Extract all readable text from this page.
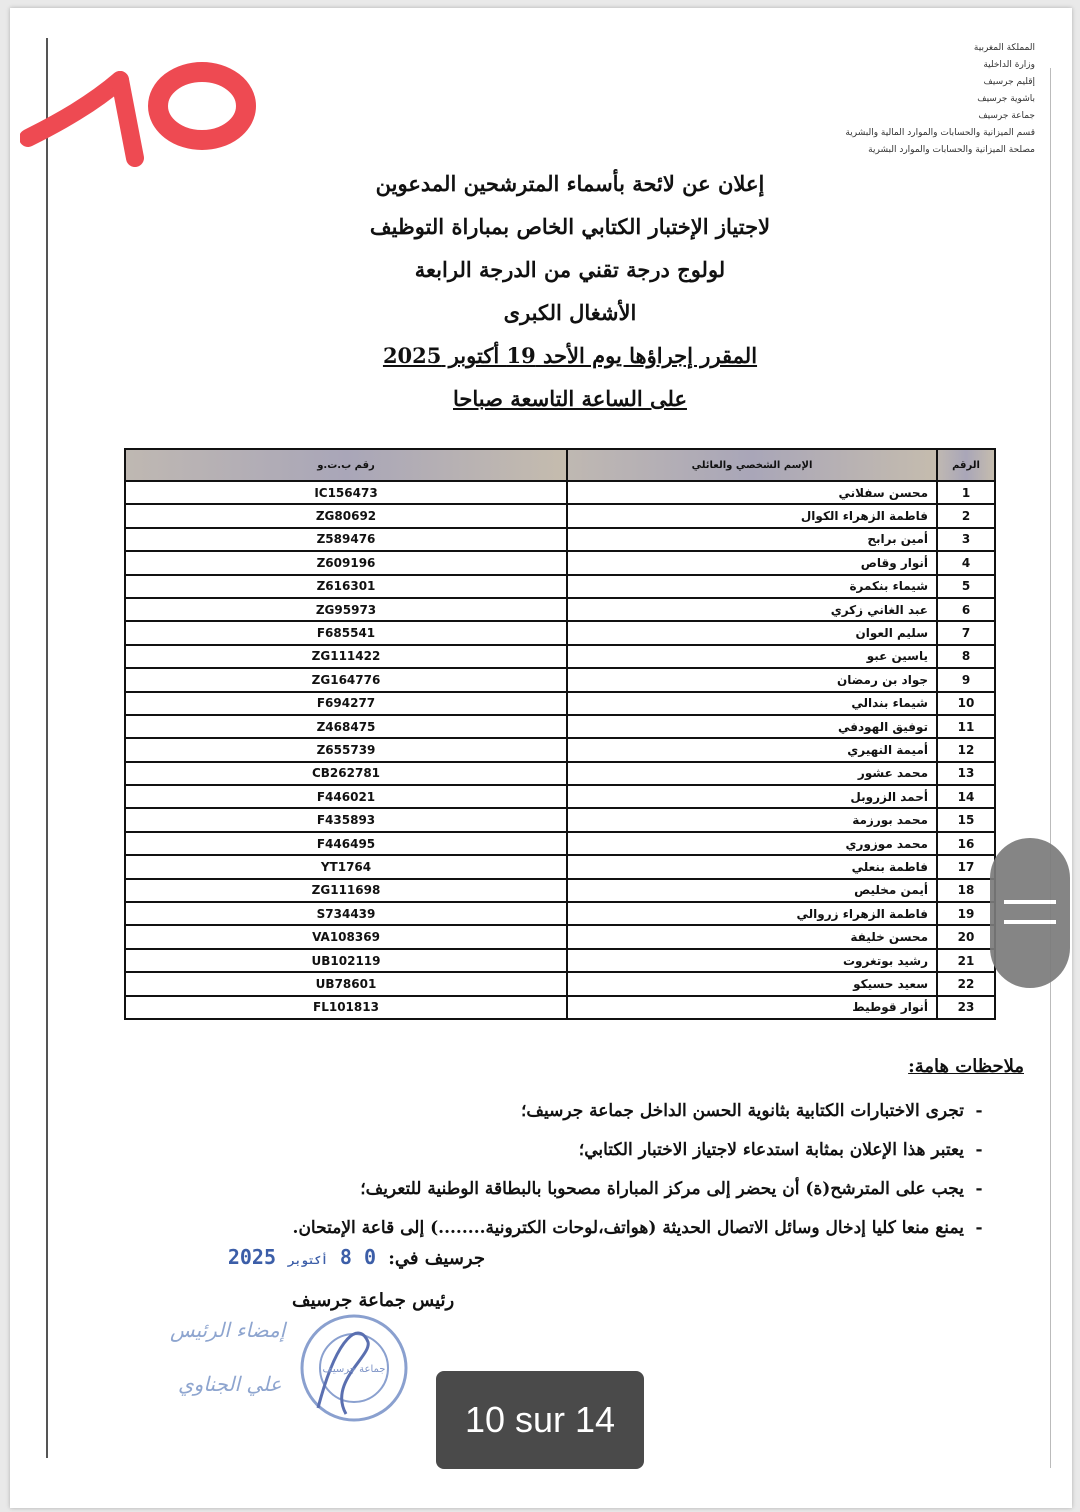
المملكة المغربية
وزارة الداخلية
إقليم جرسيف
باشوية جرسيف
جماعة جرسيف
قسم الميزانية والحسابات والموارد المالية والبشرية
مصلحة الميزانية والحسابات والموارد البشرية
إعلان عن لائحة بأسماء المترشحين المدعوين
لاجتياز الإختبار الكتابي الخاص بمباراة التوظيف
لولوج درجة تقني من الدرجة الرابعة
الأشغال الكبرى
المقرر إجراؤها يوم الأحد 19 أكتوبر 2025
على الساعة التاسعة صباحا
الرقم	الإسم الشخصي والعائلي	رقم ب.ت.و
1	محسن سفلاني	IC156473
2	فاطمة الزهراء الكوال	ZG80692
3	أمين برابح	Z589476
4	أنوار وقاص	Z609196
5	شيماء بنكمرة	Z616301
6	عبد الغاني زكري	ZG95973
7	سليم العوان	F685541
8	ياسين عبو	ZG111422
9	جواد بن رمضان	ZG164776
10	شيماء بندالي	F694277
11	توفيق الهودفي	Z468475
12	أميمة النهيري	Z655739
13	محمد عشور	CB262781
14	أحمد الزروبل	F446021
15	محمد بورزمة	F435893
16	محمد موزوري	F446495
17	فاطمة بنعلي	YT1764
18	أيمن مخليص	ZG111698
19	فاطمة الزهراء زروالي	S734439
20	محسن خليفة	VA108369
21	رشيد بوتغروت	UB102119
22	سعيد حسيكو	UB78601
23	أنوار قوطيط	FL101813
ملاحظات هامة:
- تجرى الاختبارات الكتابية بثانوية الحسن الداخل جماعة جرسيف؛
- يعتبر هذا الإعلان بمثابة استدعاء لاجتياز الاختبار الكتابي؛
- يجب على المترشح(ة) أن يحضر إلى مركز المباراة مصحوبا بالبطاقة الوطنية للتعريف؛
- يمنع منعا كليا إدخال وسائل الاتصال الحديثة (هواتف،لوحات الكترونية........) إلى قاعة الإمتحان.
جرسيف في: 0 8 أكتوبر 2025
رئيس جماعة جرسيف
إمضاء الرئيس
علي الجناوي
جماعة جرسيف
10 sur 14
